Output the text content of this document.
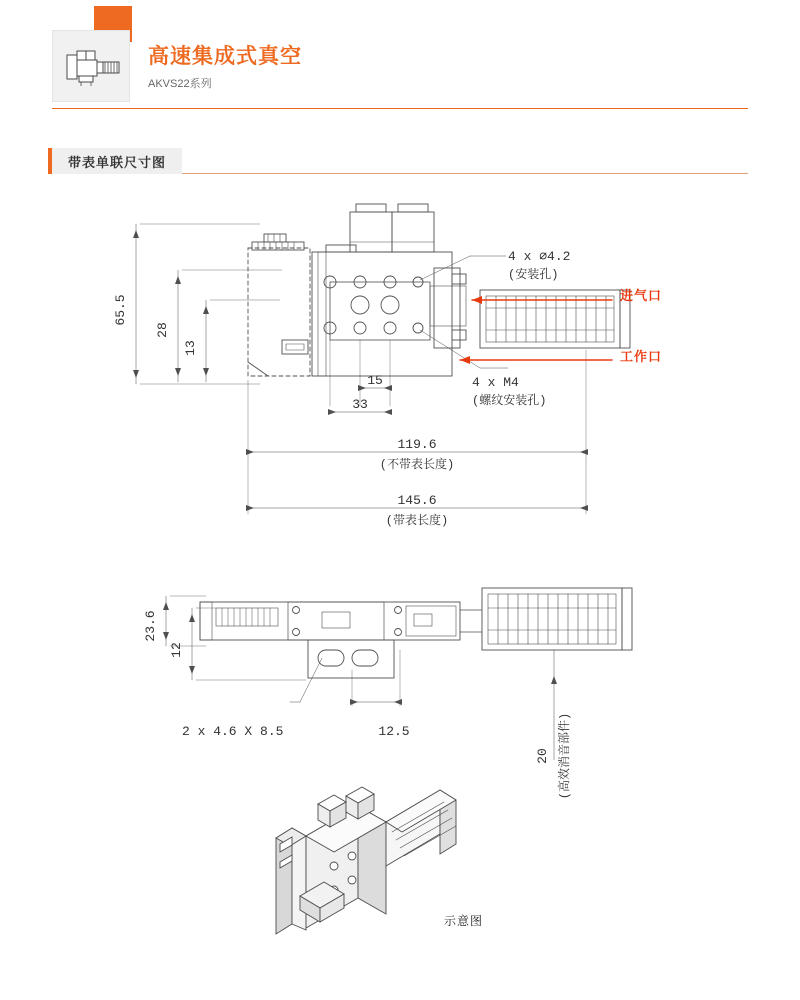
高速集成式真空
AKVS22系列
带表单联尺寸图
65.5
28
13
15
33
119.6
(不带表长度)
145.6
(带表长度)
4 x ⌀4.2
(安装孔)
4 x M4
(螺纹安装孔)
23.6
12
2 x 4.6 X 8.5	12.5
20 (高效消音部件)
进气口
工作口
示意图
